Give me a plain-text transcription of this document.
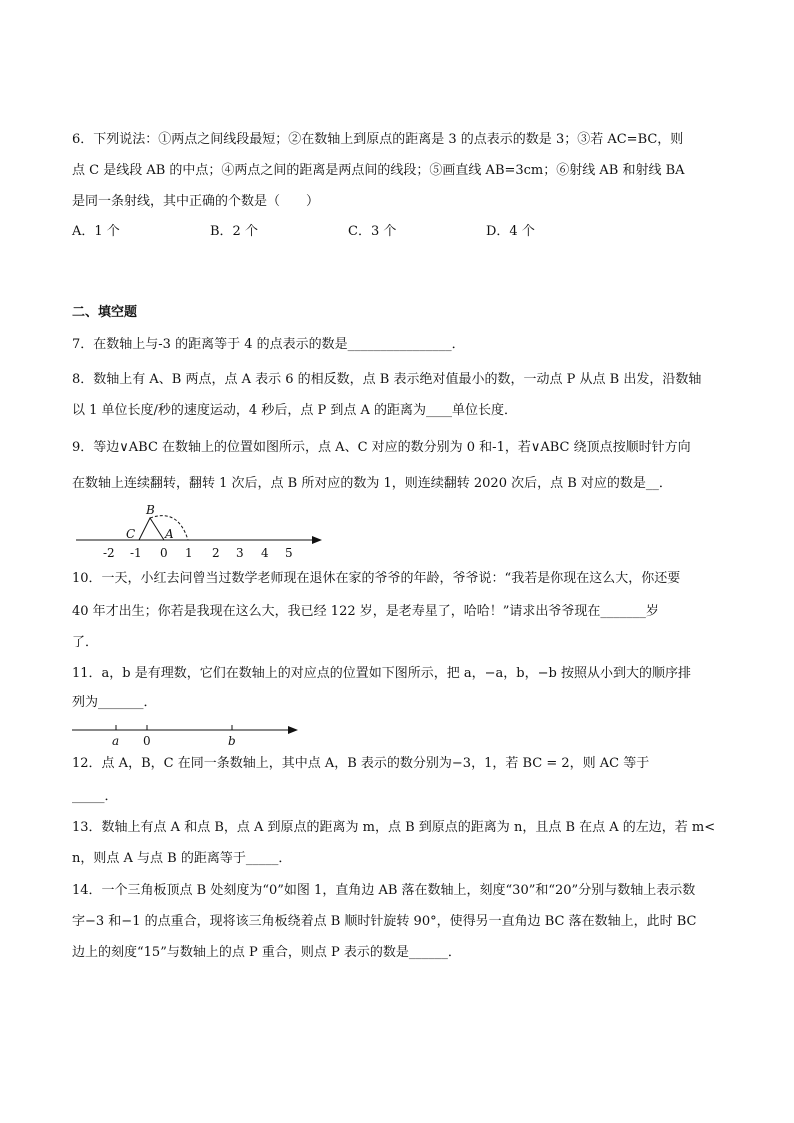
6．下列说法：①两点之间线段最短；②在数轴上到原点的距离是 3 的点表示的数是 3；③若 AC=BC，则
点 C 是线段 AB 的中点；④两点之间的距离是两点间的线段；⑤画直线 AB=3cm；⑥射线 AB 和射线 BA
是同一条射线，其中正确的个数是（　　）
A．1 个	B．2 个	C．3 个	D．4 个
二、填空题
7．在数轴上与-3 的距离等于 4 的点表示的数是________________．
8．数轴上有 A、B 两点，点 A 表示 6 的相反数，点 B 表示绝对值最小的数，一动点 P 从点 B 出发，沿数轴
以 1 单位长度/秒的速度运动，4 秒后，点 P 到点 A 的距离为____单位长度．
9．等边∨ABC 在数轴上的位置如图所示，点 A、C 对应的数分别为 0 和-1，若∨ABC 绕顶点按顺时针方向
在数轴上连续翻转，翻转 1 次后，点 B 所对应的数为 1，则连续翻转 2020 次后，点 B 对应的数是__．
B
C A
-2 -1 0 1 2 3 4 5
10．一天，小红去问曾当过数学老师现在退休在家的爷爷的年龄，爷爷说：“我若是你现在这么大，你还要
40 年才出生；你若是我现在这么大，我已经 122 岁，是老寿星了，哈哈！”请求出爷爷现在_______岁
了．
11．a，b 是有理数，它们在数轴上的对应点的位置如下图所示，把 a，−a，b，−b 按照从小到大的顺序排
列为_______．
a 0	b
12．点 A，B，C 在同一条数轴上，其中点 A，B 表示的数分别为−3，1，若 BC = 2，则 AC 等于
_____．
13．数轴上有点 A 和点 B，点 A 到原点的距离为 m，点 B 到原点的距离为 n，且点 B 在点 A 的左边，若 m<
n，则点 A 与点 B 的距离等于_____．
14．一个三角板顶点 B 处刻度为“0”如图 1，直角边 AB 落在数轴上，刻度“30”和“20”分别与数轴上表示数
字−3 和−1 的点重合，现将该三角板绕着点 B 顺时针旋转 90°，使得另一直角边 BC 落在数轴上，此时 BC
边上的刻度“15”与数轴上的点 P 重合，则点 P 表示的数是______．
